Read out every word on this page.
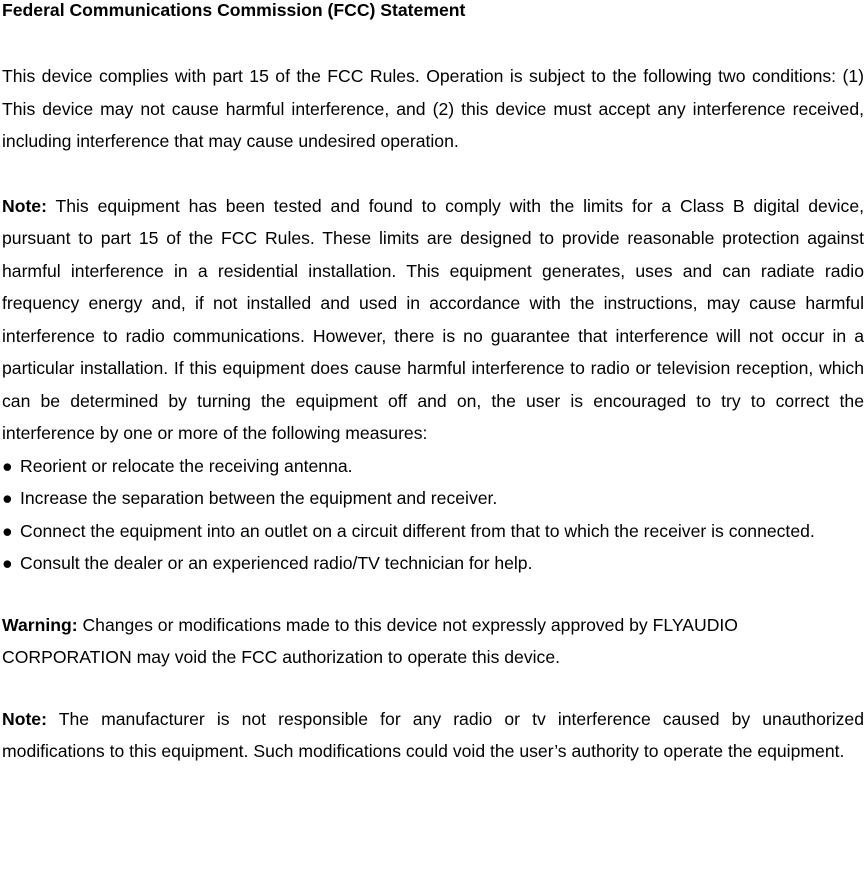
Federal Communications Commission (FCC) Statement

This device complies with part 15 of the FCC Rules. Operation is subject to the following two conditions: (1) This device may not cause harmful interference, and (2) this device must accept any interference received, including interference that may cause undesired operation.

Note: This equipment has been tested and found to comply with the limits for a Class B digital device, pursuant to part 15 of the FCC Rules. These limits are designed to provide reasonable protection against harmful interference in a residential installation. This equipment generates, uses and can radiate radio frequency energy and, if not installed and used in accordance with the instructions, may cause harmful interference to radio communications. However, there is no guarantee that interference will not occur in a particular installation. If this equipment does cause harmful interference to radio or television reception, which can be determined by turning the equipment off and on, the user is encouraged to try to correct the interference by one or more of the following measures:

● Reorient or relocate the receiving antenna.
● Increase the separation between the equipment and receiver.
● Connect the equipment into an outlet on a circuit different from that to which the receiver is connected.
● Consult the dealer or an experienced radio/TV technician for help.

Warning: Changes or modifications made to this device not expressly approved by FLYAUDIO CORPORATION may void the FCC authorization to operate this device.

Note: The manufacturer is not responsible for any radio or tv interference caused by unauthorized modifications to this equipment. Such modifications could void the user’s authority to operate the equipment.
